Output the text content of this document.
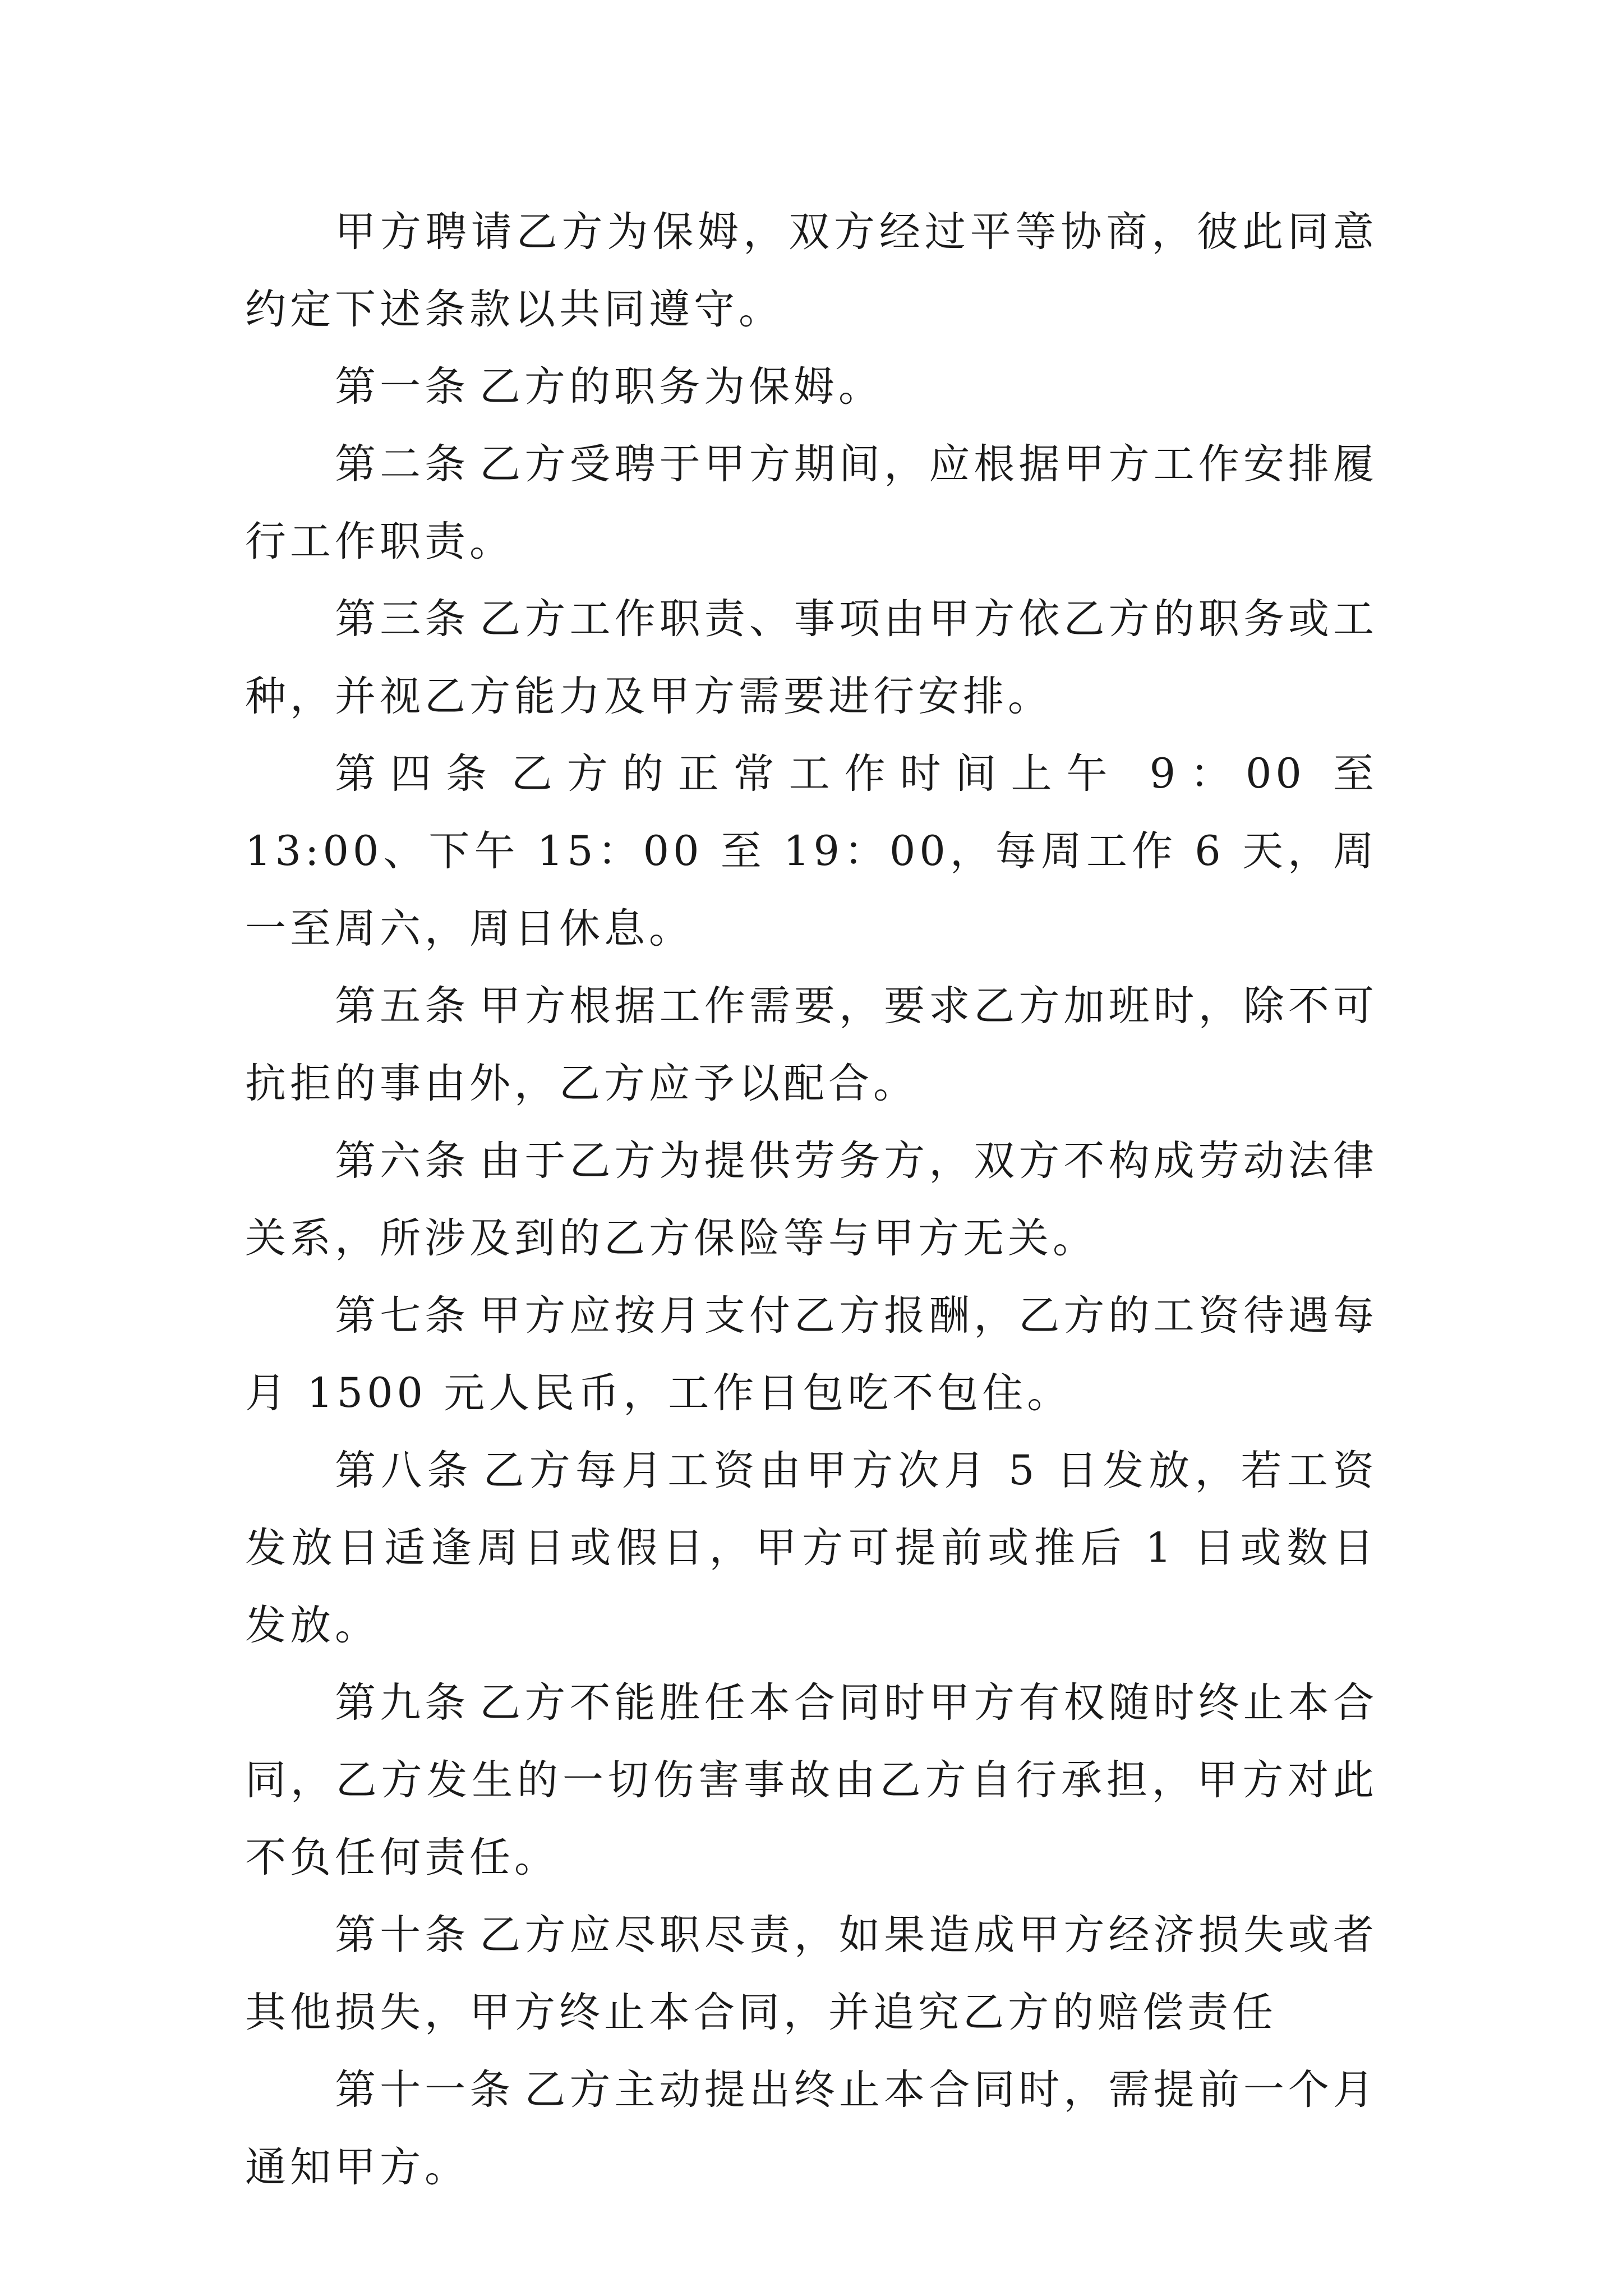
甲方聘请乙方为保姆，双方经过平等协商，彼此同意约定下述条款以共同遵守。

第一条 乙方的职务为保姆。

第二条 乙方受聘于甲方期间，应根据甲方工作安排履行工作职责。

第三条 乙方工作职责、事项由甲方依乙方的职务或工种，并视乙方能力及甲方需要进行安排。

第四条 乙方的正常工作时间上午 9：00 至 13:00、下午 15：00 至 19：00，每周工作 6 天，周一至周六，周日休息。

第五条 甲方根据工作需要，要求乙方加班时，除不可抗拒的事由外，乙方应予以配合。

第六条 由于乙方为提供劳务方，双方不构成劳动法律关系，所涉及到的乙方保险等与甲方无关。

第七条 甲方应按月支付乙方报酬，乙方的工资待遇每月 1500 元人民币，工作日包吃不包住。

第八条 乙方每月工资由甲方次月 5 日发放，若工资发放日适逢周日或假日，甲方可提前或推后 1 日或数日发放。

第九条 乙方不能胜任本合同时甲方有权随时终止本合同，乙方发生的一切伤害事故由乙方自行承担，甲方对此不负任何责任。

第十条 乙方应尽职尽责，如果造成甲方经济损失或者其他损失，甲方终止本合同，并追究乙方的赔偿责任

第十一条 乙方主动提出终止本合同时，需提前一个月通知甲方。
